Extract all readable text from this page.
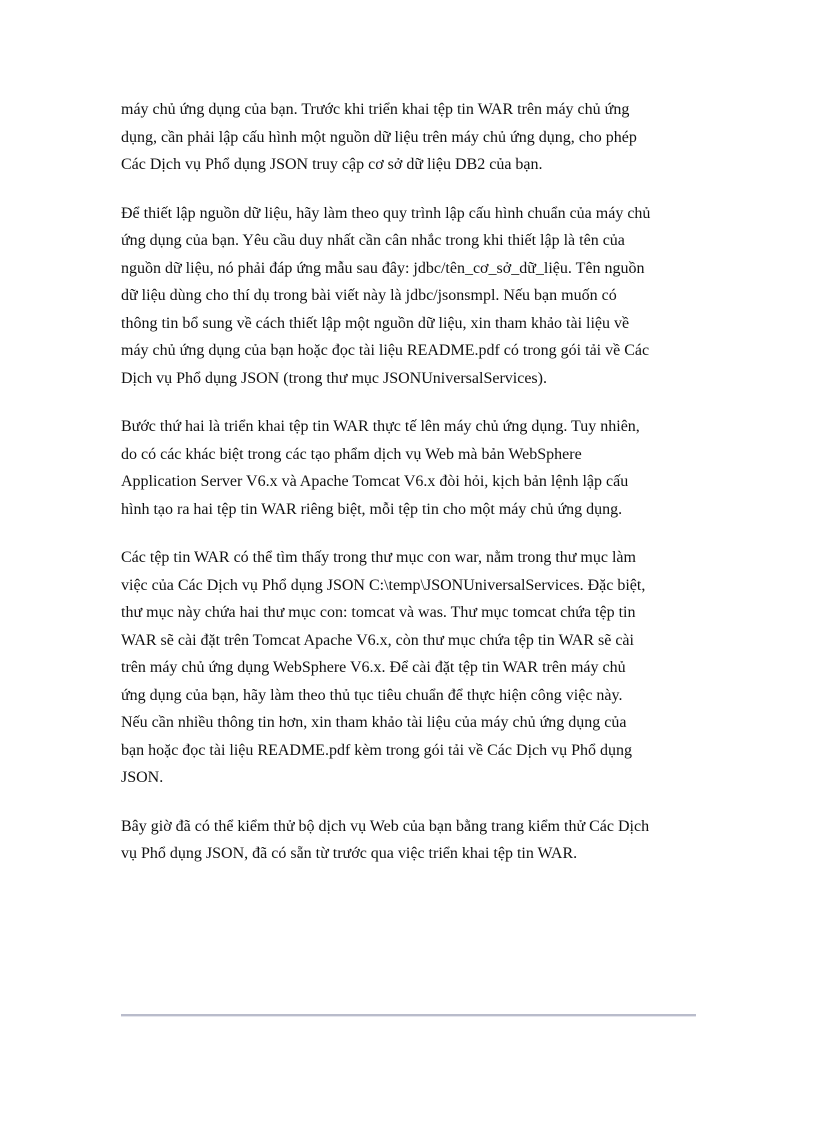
máy chủ ứng dụng của bạn. Trước khi triển khai tệp tin WAR trên máy chủ ứng
dụng, cần phải lập cấu hình một nguồn dữ liệu trên máy chủ ứng dụng, cho phép
Các Dịch vụ Phổ dụng JSON truy cập cơ sở dữ liệu DB2 của bạn.

Để thiết lập nguồn dữ liệu, hãy làm theo quy trình lập cấu hình chuẩn của máy chủ
ứng dụng của bạn. Yêu cầu duy nhất cần cân nhắc trong khi thiết lập là tên của
nguồn dữ liệu, nó phải đáp ứng mẫu sau đây: jdbc/tên_cơ_sở_dữ_liệu. Tên nguồn
dữ liệu dùng cho thí dụ trong bài viết này là jdbc/jsonsmpl. Nếu bạn muốn có
thông tin bổ sung về cách thiết lập một nguồn dữ liệu, xin tham khảo tài liệu về
máy chủ ứng dụng của bạn hoặc đọc tài liệu README.pdf có trong gói tải về Các
Dịch vụ Phổ dụng JSON (trong thư mục JSONUniversalServices).

Bước thứ hai là triển khai tệp tin WAR thực tế lên máy chủ ứng dụng. Tuy nhiên,
do có các khác biệt trong các tạo phẩm dịch vụ Web mà bản WebSphere
Application Server V6.x và Apache Tomcat V6.x đòi hỏi, kịch bản lệnh lập cấu
hình tạo ra hai tệp tin WAR riêng biệt, mỗi tệp tin cho một máy chủ ứng dụng.

Các tệp tin WAR có thể tìm thấy trong thư mục con war, nằm trong thư mục làm
việc của Các Dịch vụ Phổ dụng JSON C:\temp\JSONUniversalServices. Đặc biệt,
thư mục này chứa hai thư mục con: tomcat và was. Thư mục tomcat chứa tệp tin
WAR sẽ cài đặt trên Tomcat Apache V6.x, còn thư mục chứa tệp tin WAR sẽ cài
trên máy chủ ứng dụng WebSphere V6.x. Để cài đặt tệp tin WAR trên máy chủ
ứng dụng của bạn, hãy làm theo thủ tục tiêu chuẩn để thực hiện công việc này.
Nếu cần nhiều thông tin hơn, xin tham khảo tài liệu của máy chủ ứng dụng của
bạn hoặc đọc tài liệu README.pdf kèm trong gói tải về Các Dịch vụ Phổ dụng
JSON.

Bây giờ đã có thể kiểm thử bộ dịch vụ Web của bạn bằng trang kiểm thử Các Dịch
vụ Phổ dụng JSON, đã có sẵn từ trước qua việc triển khai tệp tin WAR.
